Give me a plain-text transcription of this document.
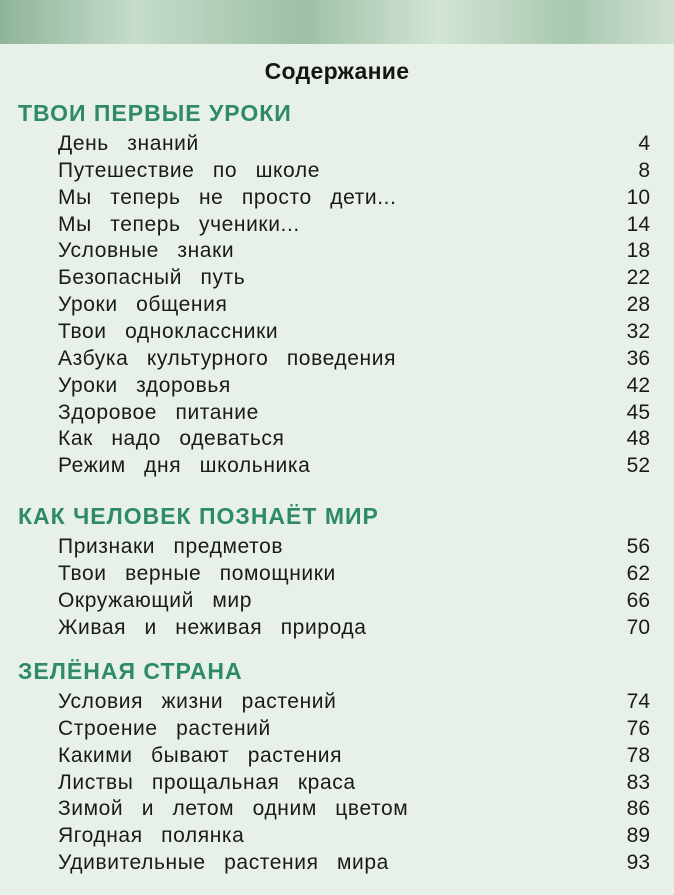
Содержание
ТВОИ ПЕРВЫЕ УРОКИ
День знаний	4
Путешествие по школе	8
Мы теперь не просто дети...	10
Мы теперь ученики...	14
Условные знаки	18
Безопасный путь	22
Уроки общения	28
Твои одноклассники	32
Азбука культурного поведения	36
Уроки здоровья	42
Здоровое питание	45
Как надо одеваться	48
Режим дня школьника	52
КАК ЧЕЛОВЕК ПОЗНАЁТ МИР
Признаки предметов	56
Твои верные помощники	62
Окружающий мир	66
Живая и неживая природа	70
ЗЕЛЁНАЯ СТРАНА
Условия жизни растений	74
Строение растений	76
Какими бывают растения	78
Листвы прощальная краса	83
Зимой и летом одним цветом	86
Ягодная полянка	89
Удивительные растения мира	93
